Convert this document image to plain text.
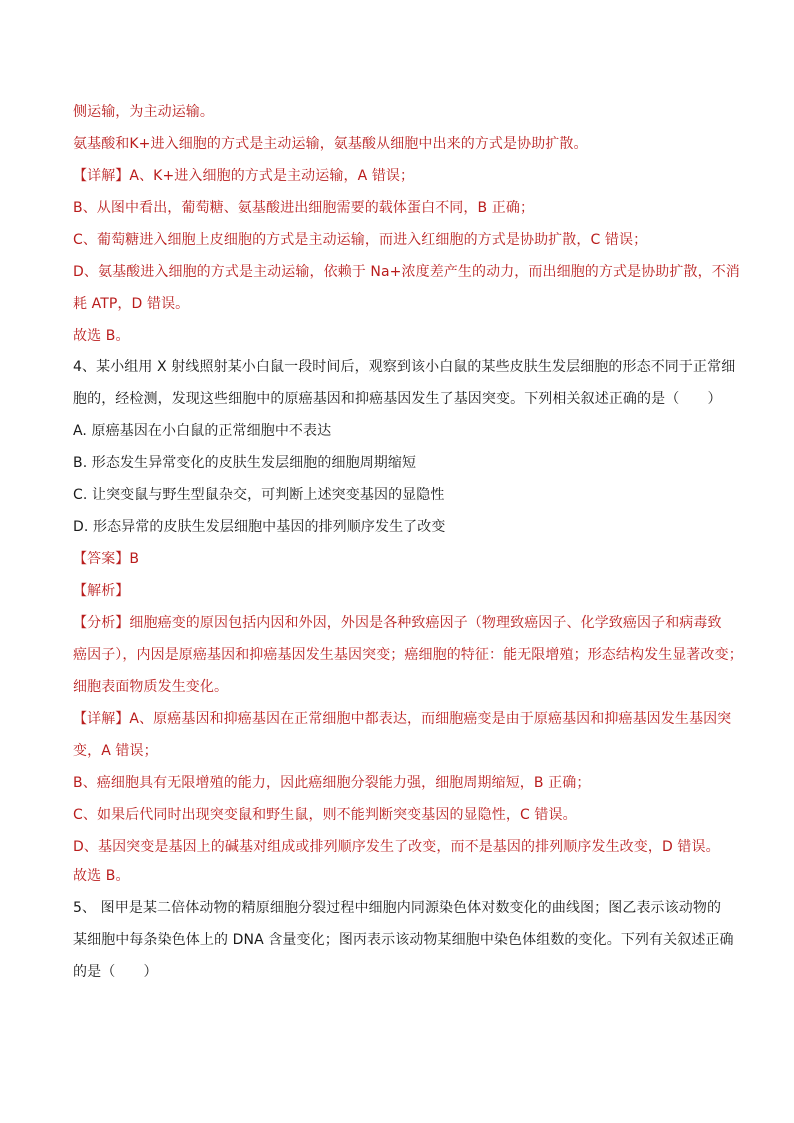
侧运输，为主动运输。
氨基酸和K+进入细胞的方式是主动运输，氨基酸从细胞中出来的方式是协助扩散。
【详解】A、K+进入细胞的方式是主动运输，A 错误；
B、从图中看出，葡萄糖、氨基酸进出细胞需要的载体蛋白不同，B 正确；
C、葡萄糖进入细胞上皮细胞的方式是主动运输，而进入红细胞的方式是协助扩散，C 错误；
D、氨基酸进入细胞的方式是主动运输，依赖于 Na+浓度差产生的动力，而出细胞的方式是协助扩散，不消
耗 ATP，D 错误。
故选 B。
4、某小组用 X 射线照射某小白鼠一段时间后，观察到该小白鼠的某些皮肤生发层细胞的形态不同于正常细
胞的，经检测，发现这些细胞中的原癌基因和抑癌基因发生了基因突变。下列相关叙述正确的是（　　）
A. 原癌基因在小白鼠的正常细胞中不表达
B. 形态发生异常变化的皮肤生发层细胞的细胞周期缩短
C. 让突变鼠与野生型鼠杂交，可判断上述突变基因的显隐性
D. 形态异常的皮肤生发层细胞中基因的排列顺序发生了改变
【答案】B
【解析】
【分析】细胞癌变的原因包括内因和外因，外因是各种致癌因子（物理致癌因子、化学致癌因子和病毒致
癌因子），内因是原癌基因和抑癌基因发生基因突变；癌细胞的特征：能无限增殖；形态结构发生显著改变；
细胞表面物质发生变化。
【详解】A、原癌基因和抑癌基因在正常细胞中都表达，而细胞癌变是由于原癌基因和抑癌基因发生基因突
变，A 错误；
B、癌细胞具有无限增殖的能力，因此癌细胞分裂能力强，细胞周期缩短，B 正确；
C、如果后代同时出现突变鼠和野生鼠，则不能判断突变基因的显隐性，C 错误。
D、基因突变是基因上的碱基对组成或排列顺序发生了改变，而不是基因的排列顺序发生改变，D 错误。
故选 B。
5、 图甲是某二倍体动物的精原细胞分裂过程中细胞内同源染色体对数变化的曲线图；图乙表示该动物的
某细胞中每条染色体上的 DNA 含量变化；图丙表示该动物某细胞中染色体组数的变化。下列有关叙述正确
的是（　　）
